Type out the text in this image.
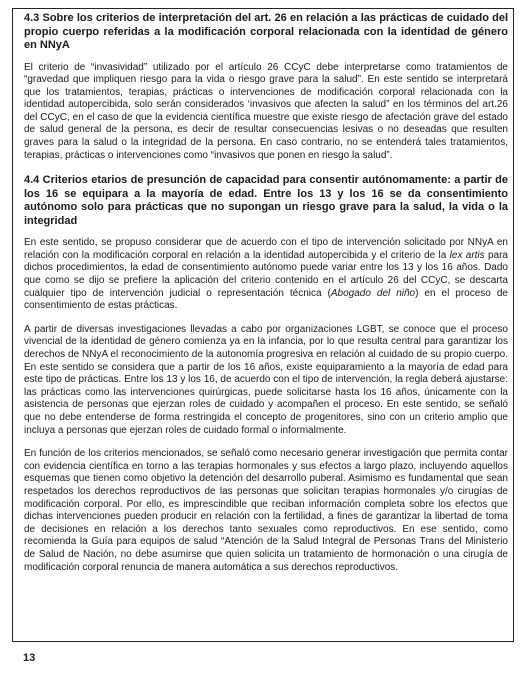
4.3 Sobre los criterios de interpretación del art. 26 en relación a las prácticas de cuidado del propio cuerpo referidas a la modificación corporal relacionada con la identidad de género en NNyA

El criterio de “invasividad” utilizado por el artículo 26 CCyC debe interpretarse como tratamientos de “gravedad que impliquen riesgo para la vida o riesgo grave para la salud”. En este sentido se interpretará que los tratamientos, terapias, prácticas o intervenciones de modificación corporal relacionada con la identidad autopercibida, solo serán considerados ‘invasivos que afecten la salud” en los términos del art.26 del CCyC, en el caso de que la evidencia científica muestre que existe riesgo de afectación grave del estado de salud general de la persona, es decir de resultar consecuencias lesivas o no deseadas que resulten graves para la salud o la integridad de la persona. En caso contrario, no se entenderá tales tratamientos, terapias, prácticas o intervenciones como “invasivos que ponen en riesgo la salud”.

4.4 Criterios etarios de presunción de capacidad para consentir autónomamente: a partir de los 16 se equipara a la mayoría de edad. Entre los 13 y los 16 se da consentimiento autónomo solo para prácticas que no supongan un riesgo grave para la salud, la vida o la integridad

En este sentido, se propuso considerar que de acuerdo con el tipo de intervención solicitado por NNyA en relación con la modificación corporal en relación a la identidad autopercibida y el criterio de la lex artis para dichos procedimientos, la edad de consentimiento autónomo puede variar entre los 13 y los 16 años. Dado que como se dijo se prefiere la aplicación del criterio contenido en el artículo 26 del CCyC, se descarta cualquier tipo de intervención judicial o representación técnica (Abogado del niño) en el proceso de consentimiento de estas prácticas.

A partir de diversas investigaciones llevadas a cabo por organizaciones LGBT, se conoce que el proceso vivencial de la identidad de género comienza ya en la infancia, por lo que resulta central para garantizar los derechos de NNyA el reconocimiento de la autonomía progresiva en relación al cuidado de su propio cuerpo. En este sentido se considera que a partir de los 16 años, existe equiparamiento a la mayoría de edad para este tipo de prácticas. Entre los 13 y los 16, de acuerdo con el tipo de intervención, la regla deberá ajustarse: las prácticas como las intervenciones quirúrgicas, puede solicitarse hasta los 16 años, únicamente con la asistencia de personas que ejerzan roles de cuidado y acompañen el proceso. En este sentido, se señaló que no debe entenderse de forma restringida el concepto de progenitores, sino con un criterio amplio que incluya a personas que ejerzan roles de cuidado formal o informalmente.

En función de los criterios mencionados, se señaló como necesario generar investigación que permita contar con evidencia científica en torno a las terapias hormonales y sus efectos a largo plazo, incluyendo aquellos esquemas que tienen como objetivo la detención del desarrollo puberal. Asimismo es fundamental que sean respetados los derechos reproductivos de las personas que solicitan terapias hormonales y/o cirugías de modificación corporal. Por ello, es imprescindible que reciban información completa sobre los efectos que dichas intervenciones pueden producir en relación con la fertilidad, a fines de garantizar la libertad de toma de decisiones en relación a los derechos tanto sexuales como reproductivos. En ese sentido, como recomienda la Guía para equipos de salud “Atención de la Salud Integral de Personas Trans del Ministerio de Salud de Nación, no debe asumirse que quien solicita un tratamiento de hormonación o una cirugía de modificación corporal renuncia de manera automática a sus derechos reproductivos.

13
